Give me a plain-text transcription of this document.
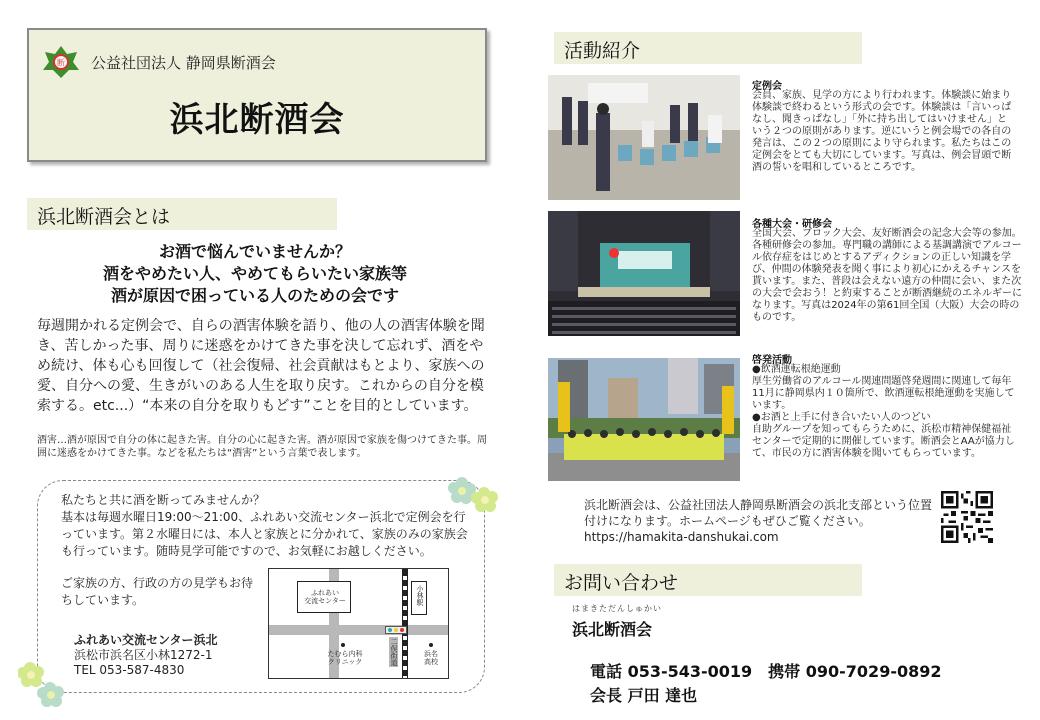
断 公益社団法人 静岡県断酒会
浜北断酒会
浜北断酒会とは
お酒で悩んでいませんか？
酒をやめたい人、やめてもらいたい家族等
酒が原因で困っている人のための会です
毎週開かれる定例会で、自らの酒害体験を語り、他の人の酒害体験を聞き、苦しかった事、周りに迷惑をかけてきた事を決して忘れず、酒をやめ続け、体も心も回復して（社会復帰、社会貢献はもとより、家族への愛、自分への愛、生きがいのある人生を取り戻す。これからの自分を模索する。etc...）“本来の自分を取りもどす”ことを目的としています。
酒害…酒が原因で自分の体に起きた害。自分の心に起きた害。酒が原因で家族を傷つけてきた事。周囲に迷惑をかけてきた事。などを私たちは“酒害”という言葉で表します。
私たちと共に酒を断ってみませんか？
基本は毎週水曜日19:00～21:00、ふれあい交流センター浜北で定例会を行っています。第２水曜日には、本人と家族とに分かれて、家族のみの家族会も行っています。随時見学可能ですので、お気軽にお越しください。
ご家族の方、行政の方の見学もお待ちしています。
ふれあい交流センター浜北
浜松市浜名区小林1272-1
TEL 053-587-4830
ふれあい
交流センター	小林駅
たむら内科
クリニック	二俣街道	浜名
高校
活動紹介
定例会
会員、家族、見学の方により行われます。体験談に始まり体験談で終わるという形式の会です。体験談は「言いっぱなし、聞きっぱなし」「外に持ち出してはいけません」という２つの原則があります。逆にいうと例会場での各自の発言は、この２つの原則により守られます。私たちはこの定例会をとても大切にしています。写真は、例会冒頭で断酒の誓いを唱和しているところです。
各種大会・研修会
全国大会、ブロック大会、友好断酒会の記念大会等の参加。各種研修会の参加。専門職の講師による基調講演でアルコール依存症をはじめとするアディクションの正しい知識を学び、仲間の体験発表を聞く事により初心にかえるチャンスを貰います。また、普段は会えない遠方の仲間に会い、また次の大会で会おう！と約束することが断酒継続のエネルギーになります。写真は2024年の第61回全国（大阪）大会の時のものです。
啓発活動
●飲酒運転根絶運動
厚生労働省のアルコール関連問題啓発週間に関連して毎年11月に静岡県内１０箇所で、飲酒運転根絶運動を実施しています。
●お酒と上手に付き合いたい人のつどい
自助グループを知ってもらうために、浜松市精神保健福祉センターで定期的に開催しています。断酒会とAAが協力して、市民の方に酒害体験を聞いてもらっています。
浜北断酒会は、公益社団法人静岡県断酒会の浜北支部という位置付けになります。ホームページもぜひご覧ください。
https://hamakita-danshukai.com
お問い合わせ
はまきただんしゅかい
浜北断酒会
電話 053-543-0019　携帯 090-7029-0892
会長 戸田 達也
